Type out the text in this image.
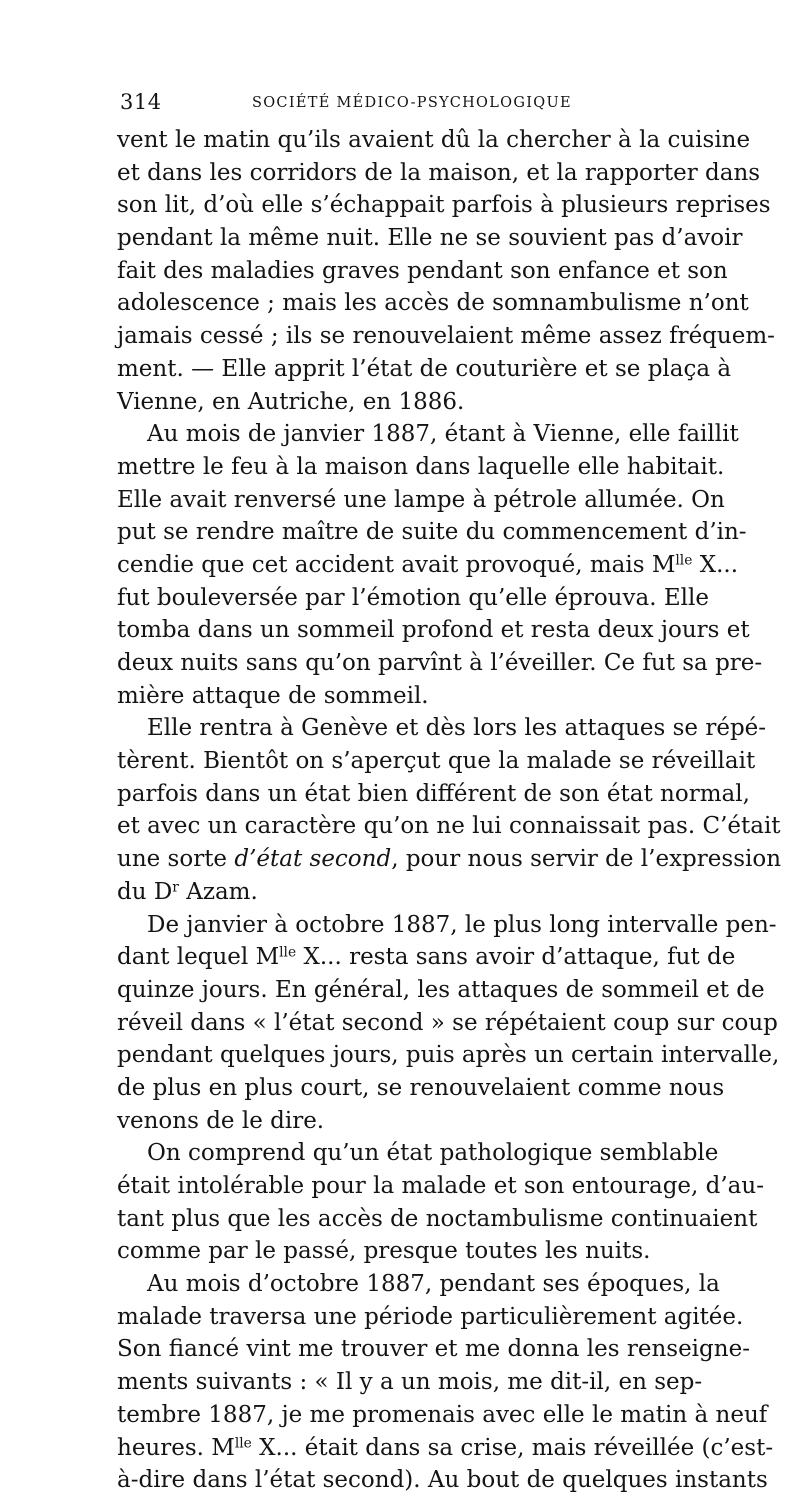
314	SOCIÉTÉ MÉDICO-PSYCHOLOGIQUE
vent le matin qu’ils avaient dû la chercher à la cuisine
et dans les corridors de la maison, et la rapporter dans
son lit, d’où elle s’échappait parfois à plusieurs reprises
pendant la même nuit. Elle ne se souvient pas d’avoir
fait des maladies graves pendant son enfance et son
adolescence ; mais les accès de somnambulisme n’ont
jamais cessé ; ils se renouvelaient même assez fréquem-
ment. — Elle apprit l’état de couturière et se plaça à
Vienne, en Autriche, en 1886.
Au mois de janvier 1887, étant à Vienne, elle faillit
mettre le feu à la maison dans laquelle elle habitait.
Elle avait renversé une lampe à pétrole allumée. On
put se rendre maître de suite du commencement d’in-
cendie que cet accident avait provoqué, mais $M^{lle}$ X...
fut bouleversée par l’émotion qu’elle éprouva. Elle
tomba dans un sommeil profond et resta deux jours et
deux nuits sans qu’on parvînt à l’éveiller. Ce fut sa pre-
mière attaque de sommeil.
Elle rentra à Genève et dès lors les attaques se répé-
tèrent. Bientôt on s’aperçut que la malade se réveillait
parfois dans un état bien différent de son état normal,
et avec un caractère qu’on ne lui connaissait pas. C’était
une sorte d’état second, pour nous servir de l’expression
du $D^r$ Azam.
De janvier à octobre 1887, le plus long intervalle pen-
dant lequel $M^{lle}$ X... resta sans avoir d’attaque, fut de
quinze jours. En général, les attaques de sommeil et de
réveil dans « l’état second » se répétaient coup sur coup
pendant quelques jours, puis après un certain intervalle,
de plus en plus court, se renouvelaient comme nous
venons de le dire.
On comprend qu’un état pathologique semblable
était intolérable pour la malade et son entourage, d’au-
tant plus que les accès de noctambulisme continuaient
comme par le passé, presque toutes les nuits.
Au mois d’octobre 1887, pendant ses époques, la
malade traversa une période particulièrement agitée.
Son fiancé vint me trouver et me donna les renseigne-
ments suivants : « Il y a un mois, me dit-il, en sep-
tembre 1887, je me promenais avec elle le matin à neuf
heures. $M^{lle}$ X... était dans sa crise, mais réveillée (c’est-
à-dire dans l’état second). Au bout de quelques instants
